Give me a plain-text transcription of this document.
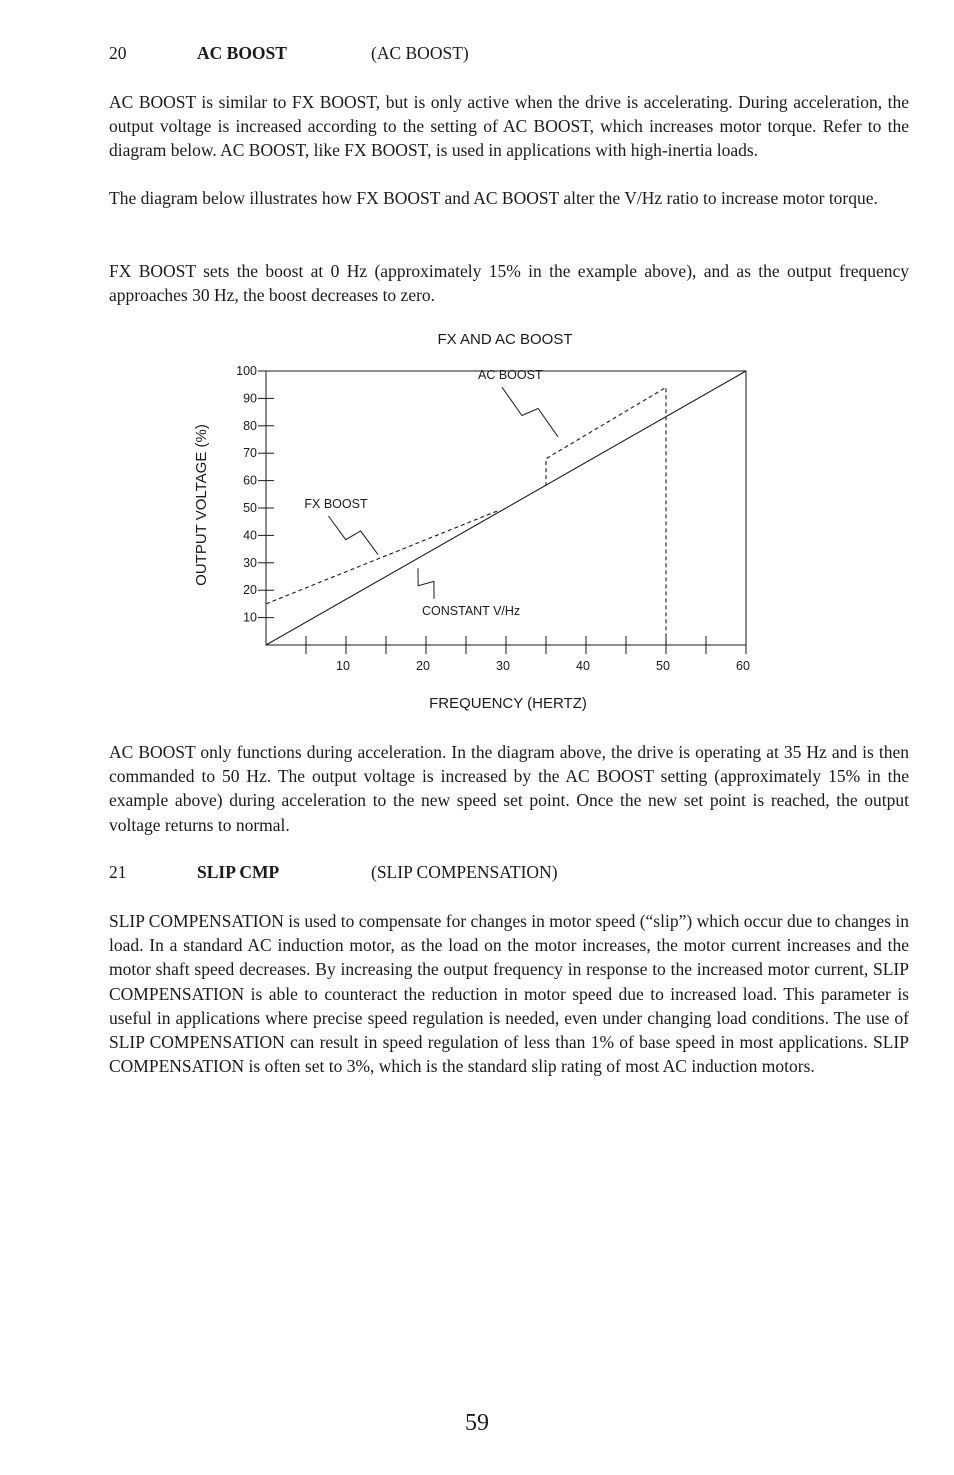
20	AC BOOST	(AC BOOST)

AC BOOST is similar to FX BOOST, but is only active when the drive is accelerating. During acceleration, the output voltage is increased according to the setting of AC BOOST, which increases motor torque. Refer to the diagram below. AC BOOST, like FX BOOST, is used in applications with high-inertia loads.

The diagram below illustrates how FX BOOST and AC BOOST alter the V/Hz ratio to increase motor torque.

FX BOOST sets the boost at 0 Hz (approximately 15% in the example above), and as the output frequency approaches 30 Hz, the boost decreases to zero.

AC BOOST only functions during acceleration. In the diagram above, the drive is operating at 35 Hz and is then commanded to 50 Hz. The output voltage is increased by the AC BOOST setting (approximately 15% in the example above) during acceleration to the new speed set point. Once the new set point is reached, the output voltage returns to normal.

21	SLIP CMP	(SLIP COMPENSATION)

SLIP COMPENSATION is used to compensate for changes in motor speed (“slip”) which occur due to changes in load. In a standard AC induction motor, as the load on the motor increases, the motor current increases and the motor shaft speed decreases. By increasing the output frequency in response to the increased motor current, SLIP COMPENSATION is able to counteract the reduction in motor speed due to increased load. This parameter is useful in applications where precise speed regulation is needed, even under changing load conditions. The use of SLIP COMPENSATION can result in speed regulation of less than 1% of base speed in most applications. SLIP COMPENSATION is often set to 3%, which is the standard slip rating of most AC induction motors.

FX AND AC BOOST
FREQUENCY (HERTZ)
OUTPUT VOLTAGE (%)
10
20
30
40
50
60
70
80
90
100
10	20	30	40	50	60
FX BOOST
AC BOOST
CONSTANT V/Hz
59
